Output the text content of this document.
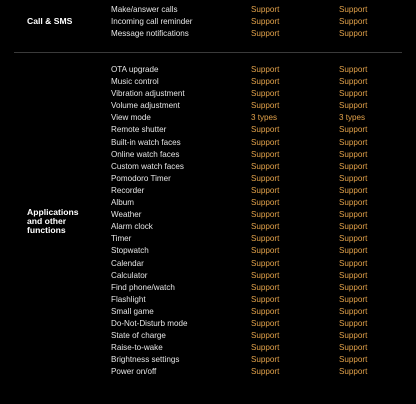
Call & SMS
Make/answer calls	Support	Support
Incoming call reminder	Support	Support
Message notifications	Support	Support
Applications and other functions
OTA upgrade	Support	Support
Music control	Support	Support
Vibration adjustment	Support	Support
Volume adjustment	Support	Support
View mode	3 types	3 types
Remote shutter	Support	Support
Built-in watch faces	Support	Support
Online watch faces	Support	Support
Custom watch faces	Support	Support
Pomodoro Timer	Support	Support
Recorder	Support	Support
Album	Support	Support
Weather	Support	Support
Alarm clock	Support	Support
Timer	Support	Support
Stopwatch	Support	Support
Calendar	Support	Support
Calculator	Support	Support
Find phone/watch	Support	Support
Flashlight	Support	Support
Small game	Support	Support
Do-Not-Disturb mode	Support	Support
State of charge	Support	Support
Raise-to-wake	Support	Support
Brightness settings	Support	Support
Power on/off	Support	Support
